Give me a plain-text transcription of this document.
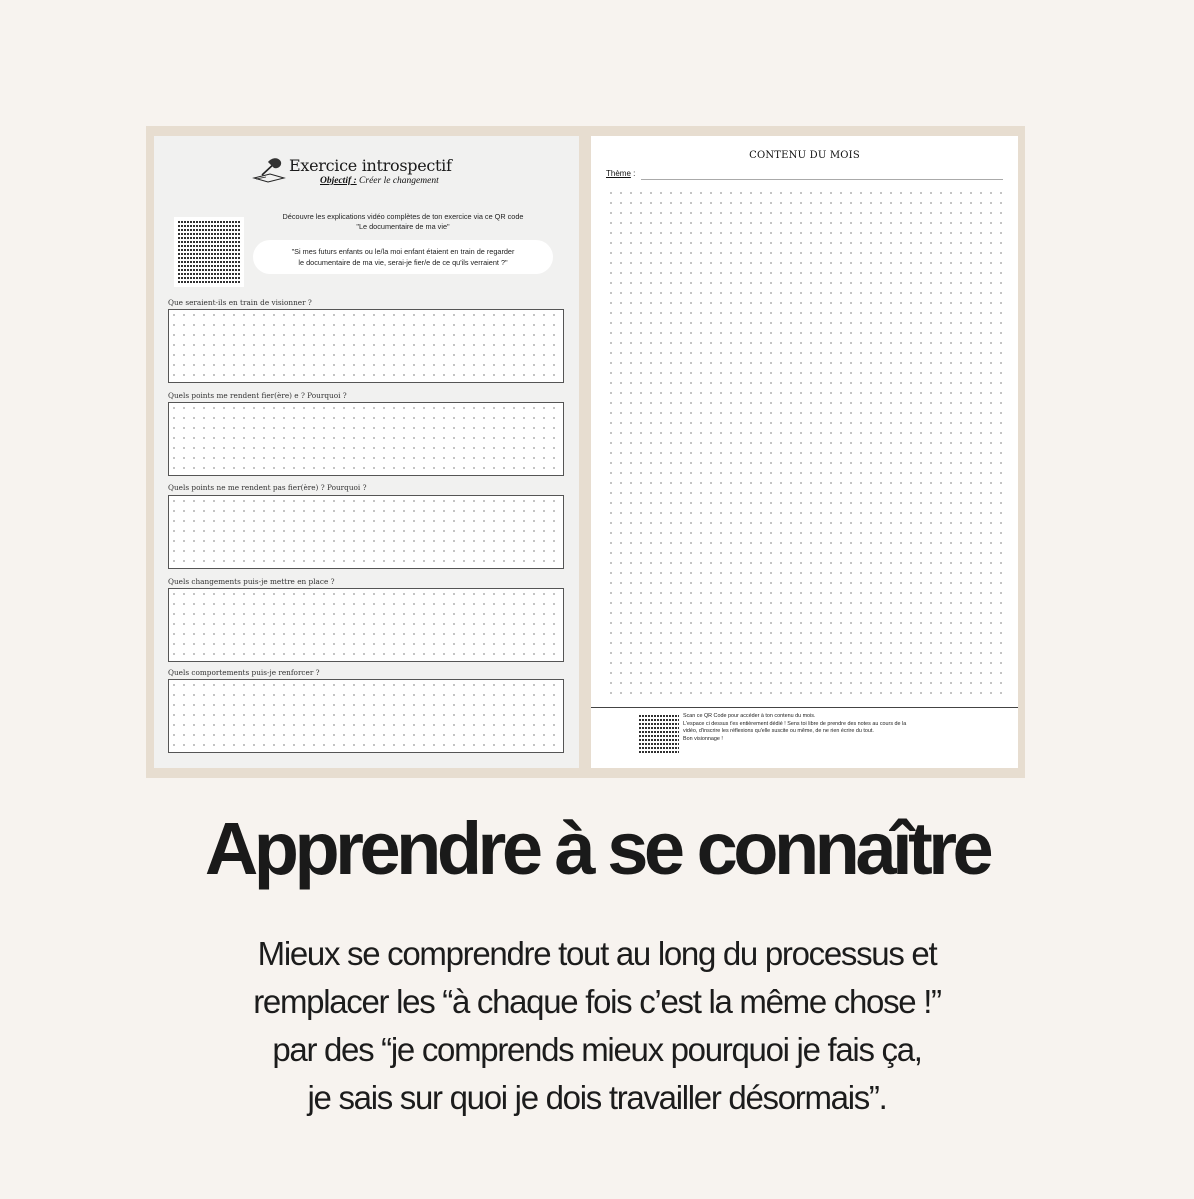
Exercice introspectif
Objectif : Créer le changement
Découvre les explications vidéo complètes de ton exercice via ce QR code
"Le documentaire de ma vie"
"Si mes futurs enfants ou le/la moi enfant étaient en train de regarder
le documentaire de ma vie, serai-je fier/e de ce qu'ils verraient ?"
Que seraient-ils en train de visionner ?
Quels points me rendent fier(ère) e ? Pourquoi ?
Quels points ne me rendent pas fier(ère) ? Pourquoi ?
Quels changements puis-je mettre en place ?
Quels comportements puis-je renforcer ?
CONTENU DU MOIS
Thème :
Scan ce QR Code pour accéder à ton contenu du mois.
L'espace ci dessus t'es entièrement dédié ! Sens toi libre de prendre des notes au cours de la
vidéo, d'inscrire les réflexions qu'elle suscite ou même, de ne rien écrire du tout.
Bon visionnage !
Apprendre à se connaître
Mieux se comprendre tout au long du processus et
remplacer les “à chaque fois c’est la même chose !”
par des “je comprends mieux pourquoi je fais ça,
je sais sur quoi je dois travailler désormais”.
